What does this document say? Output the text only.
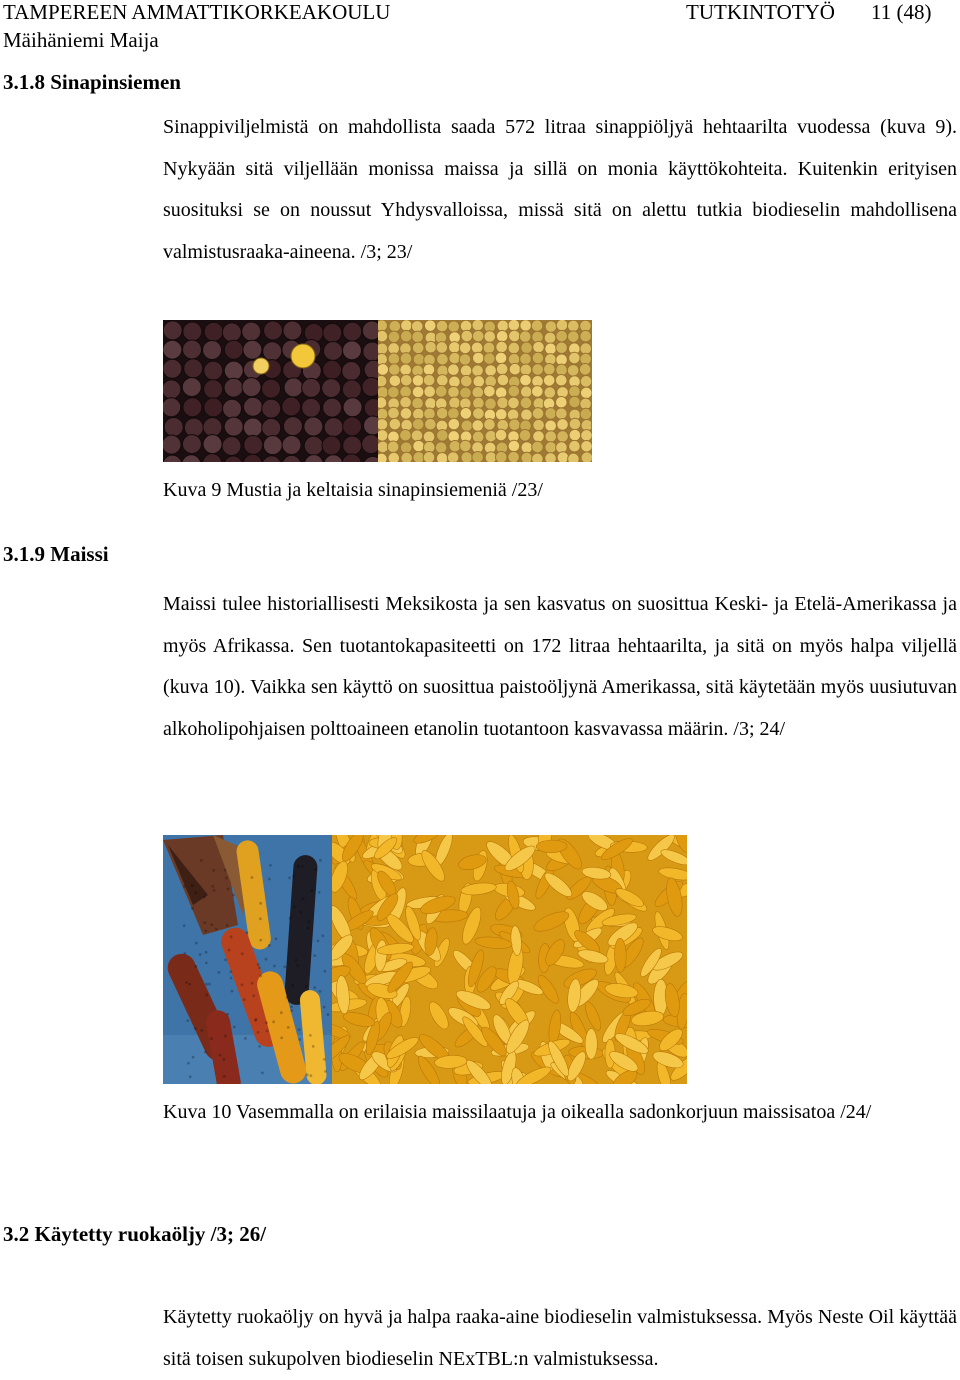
TAMPEREEN AMMATTIKORKEAKOULU	TUTKINTOTYÖ 11 (48)
Mäihäniemi Maija
3.1.8 Sinapinsiemen
Sinappiviljelmistä on mahdollista saada 572 litraa sinappiöljyä hehtaarilta vuodessa (kuva 9). Nykyään sitä viljellään monissa maissa ja sillä on monia käyttökohteita. Kuitenkin erityisen suosituksi se on noussut Yhdysvalloissa, missä sitä on alettu tutkia biodieselin mahdollisena valmistusraaka-aineena. /3; 23/
Kuva 9 Mustia ja keltaisia sinapinsiemeniä /23/
3.1.9 Maissi
Maissi tulee historiallisesti Meksikosta ja sen kasvatus on suosittua Keski- ja Etelä-Amerikassa ja myös Afrikassa. Sen tuotantokapasiteetti on 172 litraa hehtaarilta, ja sitä on myös halpa viljellä (kuva 10). Vaikka sen käyttö on suosittua paistoöljynä Amerikassa, sitä käytetään myös uusiutuvan alkoholipohjaisen polttoaineen etanolin tuotantoon kasvavassa määrin. /3; 24/
Kuva 10 Vasemmalla on erilaisia maissilaatuja ja oikealla sadonkorjuun maissisatoa /24/
3.2 Käytetty ruokaöljy /3; 26/
Käytetty ruokaöljy on hyvä ja halpa raaka-aine biodieselin valmistuksessa. Myös Neste Oil käyttää sitä toisen sukupolven biodieselin NExTBL:n valmistuksessa.
